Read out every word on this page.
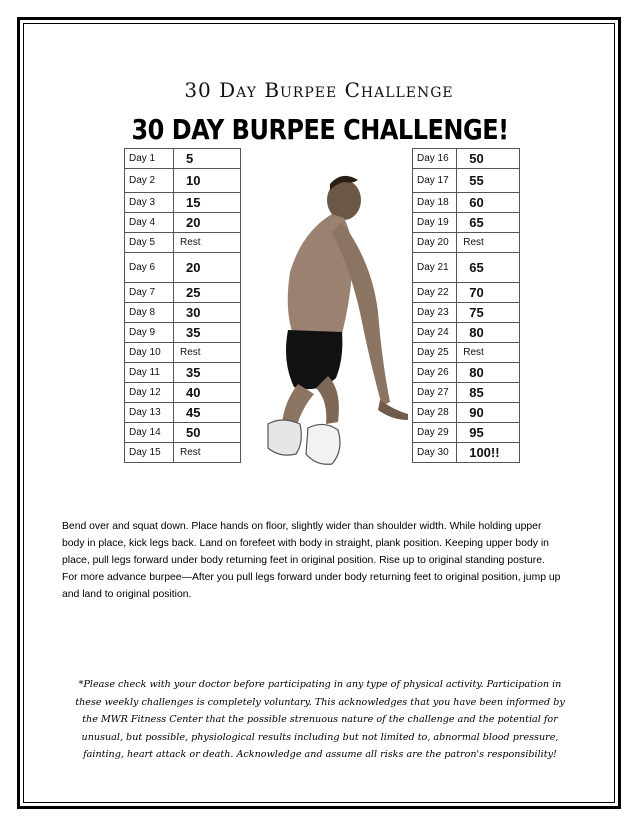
30 Day Burpee Challenge
30 DAY BURPEE CHALLENGE!
Day 1	5
Day 2	10
Day 3	15
Day 4	20
Day 5	Rest
Day 6	20
Day 7	25
Day 8	30
Day 9	35
Day 10	Rest
Day 11	35
Day 12	40
Day 13	45
Day 14	50
Day 15	Rest
Day 16	50
Day 17	55
Day 18	60
Day 19	65
Day 20	Rest
Day 21	65
Day 22	70
Day 23	75
Day 24	80
Day 25	Rest
Day 26	80
Day 27	85
Day 28	90
Day 29	95
Day 30	100!!
Bend over and squat down. Place hands on floor, slightly wider than shoulder width. While holding upper body in place, kick legs back. Land on forefeet with body in straight, plank position. Keeping upper body in place, pull legs forward under body returning feet in original position. Rise up to original standing posture. For more advance burpee—After you pull legs forward under body returning feet to original position, jump up and land to original position.
*Please check with your doctor before participating in any type of physical activity. Participation in these weekly challenges is completely voluntary. This acknowledges that you have been informed by the MWR Fitness Center that the possible strenuous nature of the challenge and the potential for unusual, but possible, physiological results including but not limited to, abnormal blood pressure, fainting, heart attack or death. Acknowledge and assume all risks are the patron's responsibility!
